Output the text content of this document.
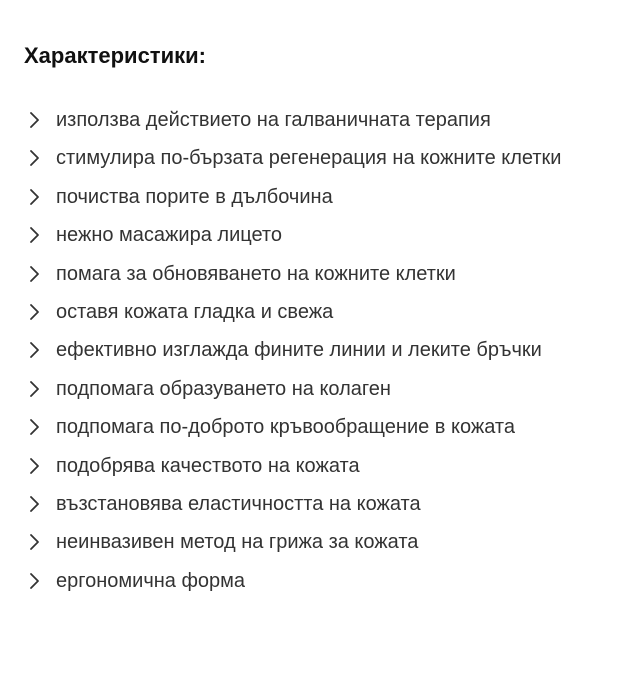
Характеристики:
използва действието на галваничната терапия
стимулира по-бързата регенерация на кожните клетки
почиства порите в дълбочина
нежно масажира лицето
помага за обновяването на кожните клетки
оставя кожата гладка и свежа
ефективно изглажда фините линии и леките бръчки
подпомага образуването на колаген
подпомага по-доброто кръвообращение в кожата
подобрява качеството на кожата
възстановява еластичността на кожата
неинвазивен метод на грижа за кожата
ергономична форма
